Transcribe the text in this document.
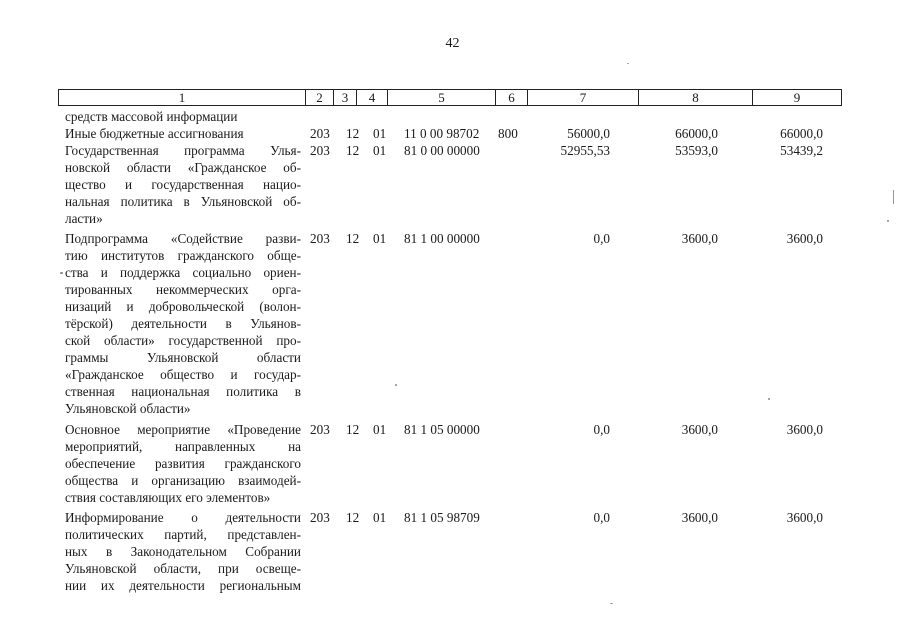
42
1	2	3	4	5	6	7	8	9
средств массовой информации
Иные бюджетные ассигнования	203 12 01 11 0 00 98702 800	56000,0	66000,0	66000,0
Государственная программа Улья-
новской области «Гражданское об-
щество и государственная нацио-
нальная политика в Ульяновской об-
ласти»
203 12 01 81 0 00 00000	52955,53	53593,0	53439,2
Подпрограмма «Содействие разви-
тию институтов гражданского обще-
ства и поддержка социально ориен-
тированных некоммерческих орга-
низаций и добровольческой (волон-
тёрской) деятельности в Ульянов-
ской области» государственной про-
граммы Ульяновской области
«Гражданское общество и государ-
ственная национальная политика в
Ульяновской области»
203 12 01 81 1 00 00000	0,0	3600,0	3600,0
Основное мероприятие «Проведение
мероприятий, направленных на
обеспечение развития гражданского
общества и организацию взаимодей-
ствия составляющих его элементов»
203 12 01 81 1 05 00000	0,0	3600,0	3600,0
Информирование о деятельности
политических партий, представлен-
ных в Законодательном Собрании
Ульяновской области, при освеще-
нии их деятельности региональным
203 12 01 81 1 05 98709	0,0	3600,0	3600,0
